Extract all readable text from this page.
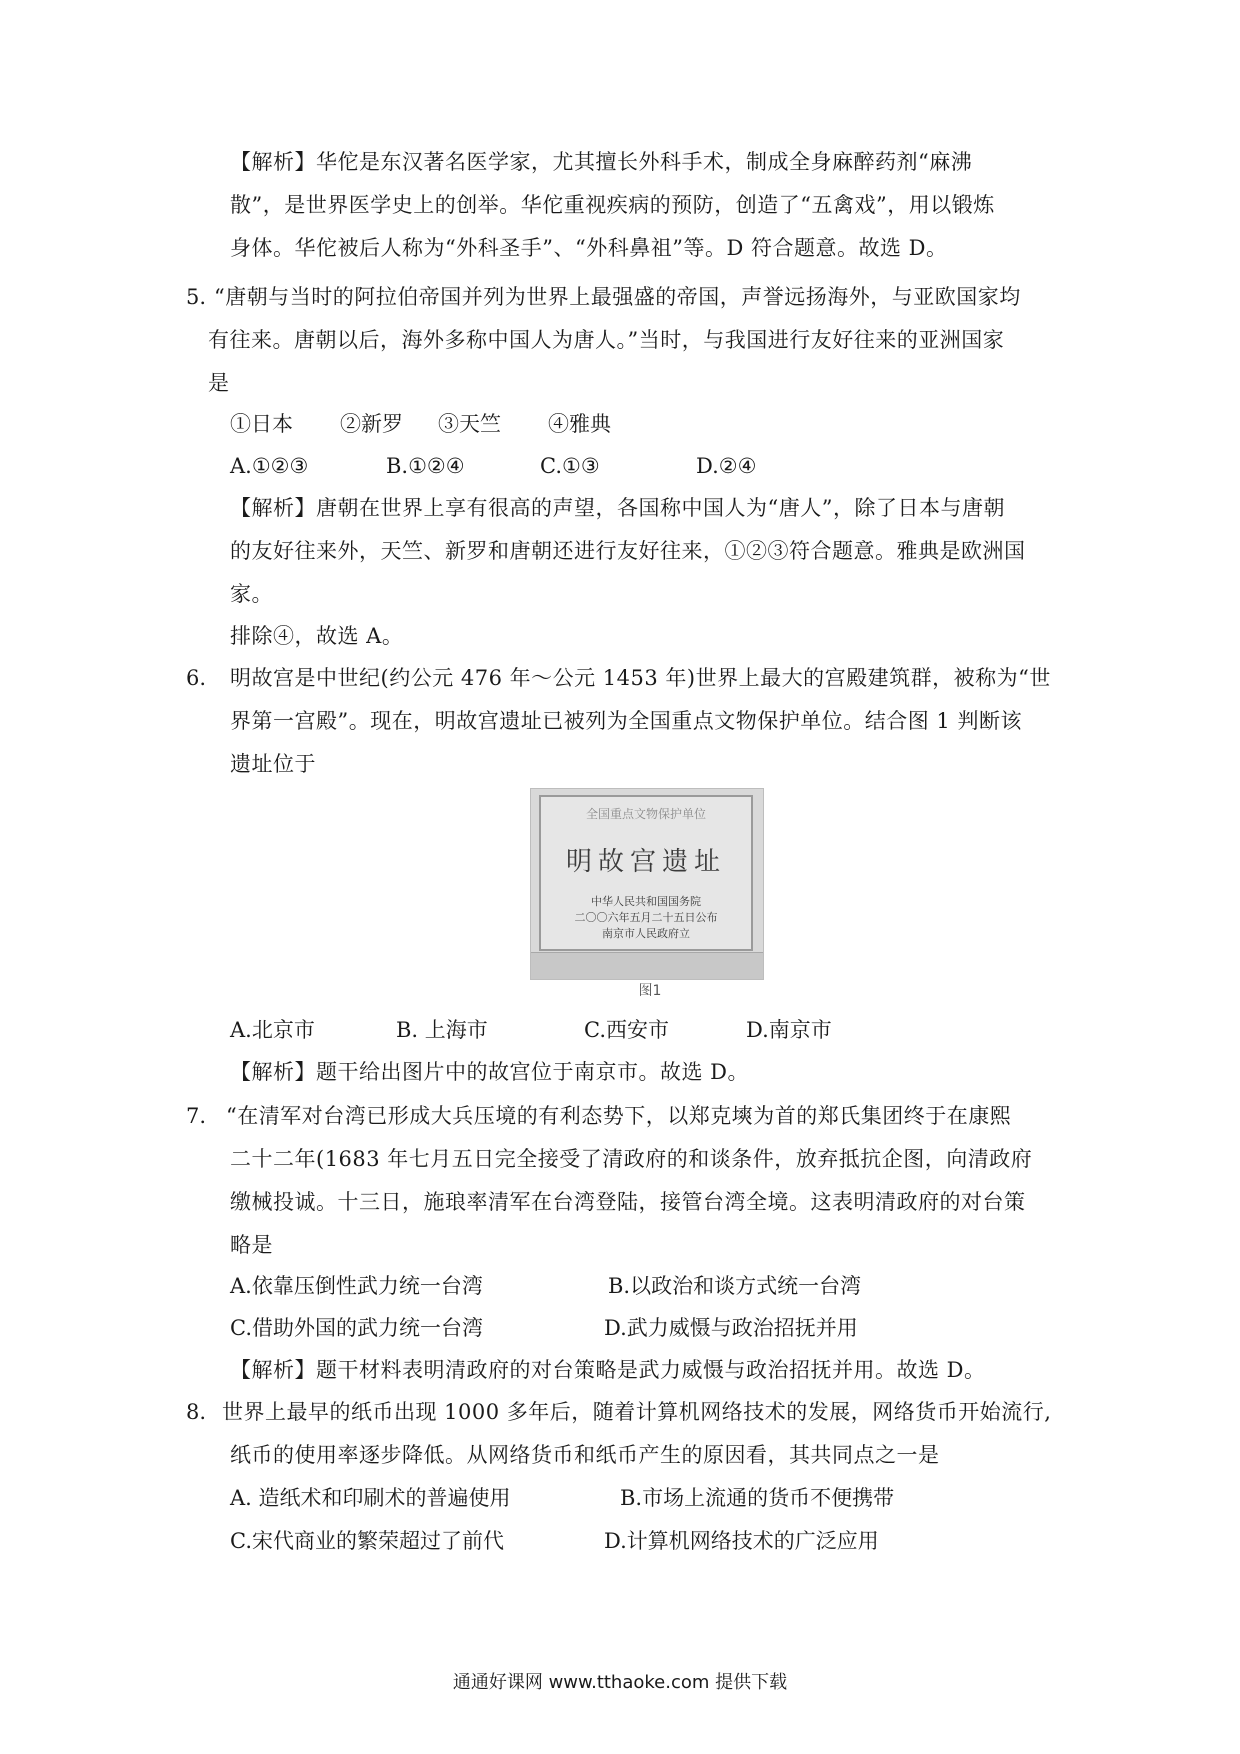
【解析】华佗是东汉著名医学家，尤其擅长外科手术，制成全身麻醉药剂“麻沸
散”，是世界医学史上的创举。华佗重视疾病的预防，创造了“五禽戏”，用以锻炼
身体。华佗被后人称为“外科圣手”、“外科鼻祖”等。D 符合题意。故选 D。
5. “唐朝与当时的阿拉伯帝国并列为世界上最强盛的帝国，声誉远扬海外，与亚欧国家均
有往来。唐朝以后，海外多称中国人为唐人。”当时，与我国进行友好往来的亚洲国家
是
①日本 ②新罗 ③天竺 ④雅典
A.①②③	B.①②④	C.①③	D.②④
【解析】唐朝在世界上享有很高的声望，各国称中国人为“唐人”，除了日本与唐朝
的友好往来外，天竺、新罗和唐朝还进行友好往来，①②③符合题意。雅典是欧洲国
家。
排除④，故选 A。
6. 明故宫是中世纪(约公元 476 年～公元 1453 年)世界上最大的宫殿建筑群，被称为“世
界第一宫殿”。现在，明故宫遗址已被列为全国重点文物保护单位。结合图 1 判断该
遗址位于
全国重点文物保护单位
明故宫遗址
中华人民共和国国务院
二〇〇六年五月二十五日公布
南京市人民政府立
图1
A.北京市	B. 上海市	C.西安市	D.南京市
【解析】题干给出图片中的故宫位于南京市。故选 D。
7. “在清军对台湾已形成大兵压境的有利态势下，以郑克塽为首的郑氏集团终于在康熙
二十二年(1683 年七月五日完全接受了清政府的和谈条件，放弃抵抗企图，向清政府
缴械投诚。十三日，施琅率清军在台湾登陆，接管台湾全境。这表明清政府的对台策
略是
A.依靠压倒性武力统一台湾	B.以政治和谈方式统一台湾
C.借助外国的武力统一台湾	D.武力威慑与政治招抚并用
【解析】题干材料表明清政府的对台策略是武力威慑与政治招抚并用。故选 D。
8. 世界上最早的纸币出现 1000 多年后，随着计算机网络技术的发展，网络货币开始流行,
纸币的使用率逐步降低。从网络货币和纸币产生的原因看，其共同点之一是
A. 造纸术和印刷术的普遍使用	B.市场上流通的货币不便携带
C.宋代商业的繁荣超过了前代	D.计算机网络技术的广泛应用
通通好课网 www.tthaoke.com 提供下载
